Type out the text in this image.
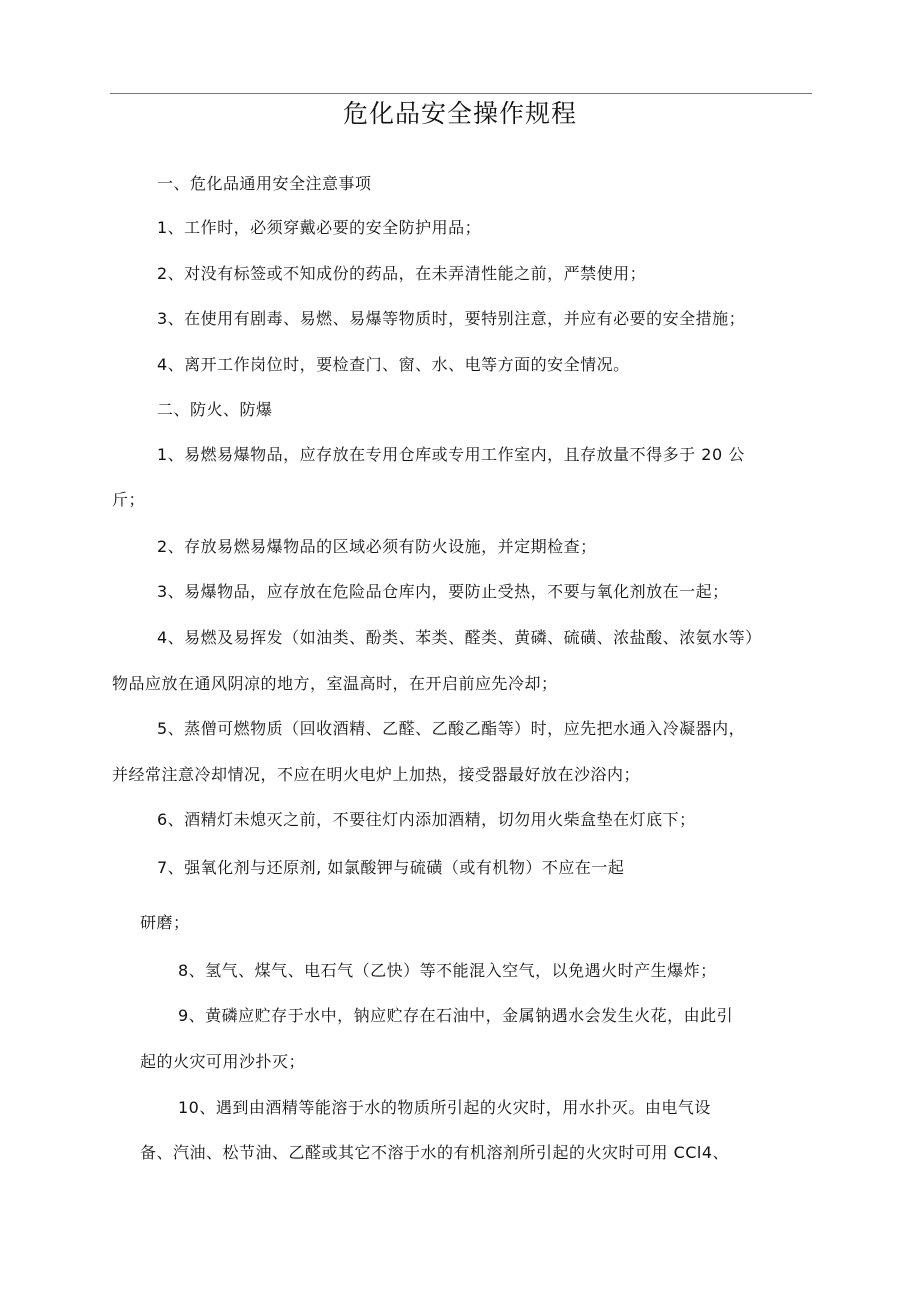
危化品安全操作规程
一、危化品通用安全注意事项
1、工作时，必须穿戴必要的安全防护用品；
2、对没有标签或不知成份的药品，在未弄清性能之前，严禁使用；
3、在使用有剧毒、易燃、易爆等物质时，要特别注意，并应有必要的安全措施；
4、离开工作岗位时，要检查门、窗、水、电等方面的安全情况。
二、防火、防爆
1、易燃易爆物品，应存放在专用仓库或专用工作室内，且存放量不得多于 20 公
斤；
2、存放易燃易爆物品的区域必须有防火设施，并定期检查；
3、易爆物品，应存放在危险品仓库内，要防止受热，不要与氧化剂放在一起；
4、易燃及易挥发（如油类、酚类、苯类、醛类、黄磷、硫磺、浓盐酸、浓氨水等）
物品应放在通风阴凉的地方，室温高时，在开启前应先冷却；
5、蒸僧可燃物质（回收酒精、乙醛、乙酸乙酯等）时，应先把水通入冷凝器内，
并经常注意冷却情况，不应在明火电炉上加热，接受器最好放在沙浴内；
6、酒精灯未熄灭之前，不要往灯内添加酒精，切勿用火柴盒垫在灯底下；
7、强氧化剂与还原剂, 如氯酸钾与硫磺（或有机物）不应在一起
研磨；
8、氢气、煤气、电石气（乙快）等不能混入空气，以免遇火时产生爆炸；
9、黄磷应贮存于水中，钠应贮存在石油中，金属钠遇水会发生火花，由此引
起的火灾可用沙扑灭；
10、遇到由酒精等能溶于水的物质所引起的火灾时，用水扑灭。由电气设
备、汽油、松节油、乙醛或其它不溶于水的有机溶剂所引起的火灾时可用 CCl4、
